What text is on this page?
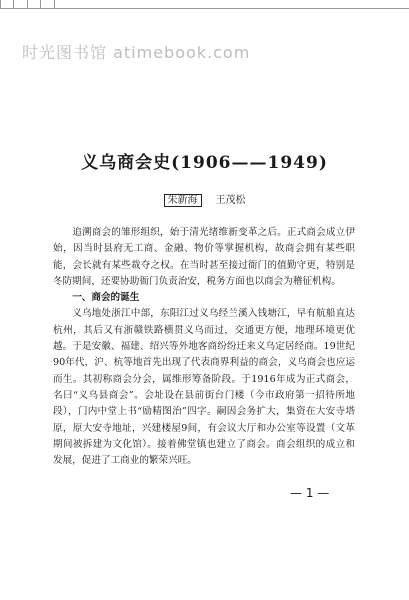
时光图书馆 atimebook.com
义乌商会史(1906——1949)
朱新海 王茂松

追溯商会的雏形组织，始于清光绪维新变革之后。正式商会成立伊始，因当时县府无工商、金融、物价等掌握机构，故商会拥有某些职能，会长就有某些裁夺之权。在当时甚至接过衙门的值勤守更，特别是冬防期间，还要协助衙门负责治安，税务方面也以商会为稽征机构。

一、商会的诞生

义乌地处浙江中部，东阳江过义乌经兰溪入钱塘江，早有航船直达杭州，其后又有浙赣铁路横贯义乌而过，交通更方便，地理环境更优越。于是安徽、福建、绍兴等外地客商纷纷迁来义乌定居经商。19世纪90年代，沪、杭等地首先出现了代表商界利益的商会，义乌商会也应运而生。其初称商会分会，属维形筹备阶段。于1916年成为正式商会，名曰“义乌县商会”。会址设在县前街台门楼（今市政府第一招待所地段），门内中堂上书“励精图治”四字。嗣因会务扩大，集资在大安寺塔原，原大安寺地址，兴建楼屋9间，有会议大厅和办公室等设置（文革期间被拆建为文化馆）。接着佛堂镇也建立了商会。商会组织的成立和发展，促进了工商业的繁荣兴旺。

— 1 —
